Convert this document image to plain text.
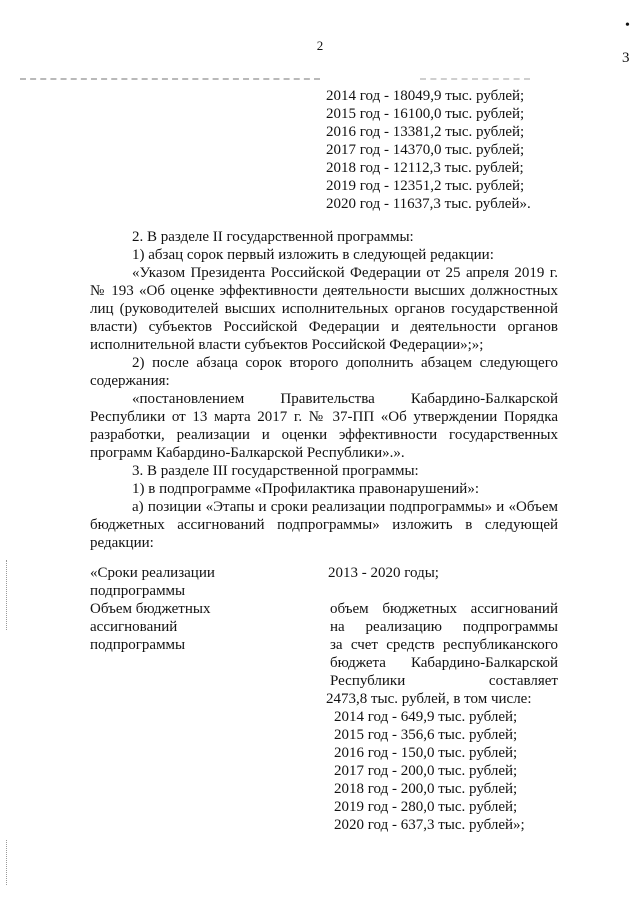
2
•
3
2014 год - 18049,9 тыс. рублей;
2015 год - 16100,0 тыс. рублей;
2016 год - 13381,2 тыс. рублей;
2017 год - 14370,0 тыс. рублей;
2018 год - 12112,3 тыс. рублей;
2019 год - 12351,2 тыс. рублей;
2020 год - 11637,3 тыс. рублей».
2. В разделе II государственной программы:
1) абзац сорок первый изложить в следующей редакции:
«Указом Президента Российской Федерации от 25 апреля 2019 г.
№ 193 «Об оценке эффективности деятельности высших должностных
лиц (руководителей высших исполнительных органов государственной
власти) субъектов Российской Федерации и деятельности органов
исполнительной власти субъектов Российской Федерации»;»;
2) после абзаца сорок второго дополнить абзацем следующего
содержания:
«постановлением Правительства Кабардино-Балкарской
Республики от 13 марта 2017 г. № 37-ПП «Об утверждении Порядка
разработки, реализации и оценки эффективности государственных
программ Кабардино-Балкарской Республики».».
3. В разделе III государственной программы:
1) в подпрограмме «Профилактика правонарушений»:
а) позиции «Этапы и сроки реализации подпрограммы» и «Объем
бюджетных ассигнований подпрограммы» изложить в следующей
редакции:
«Сроки реализации
подпрограммы
2013 - 2020 годы;
Объем бюджетных
ассигнований
подпрограммы
объем бюджетных ассигнований
на реализацию подпрограммы
за счет средств республиканского
бюджета Кабардино-Балкарской
Республики составляет
2473,8 тыс. рублей, в том числе:
2014 год - 649,9 тыс. рублей;
2015 год - 356,6 тыс. рублей;
2016 год - 150,0 тыс. рублей;
2017 год - 200,0 тыс. рублей;
2018 год - 200,0 тыс. рублей;
2019 год - 280,0 тыс. рублей;
2020 год - 637,3 тыс. рублей»;
